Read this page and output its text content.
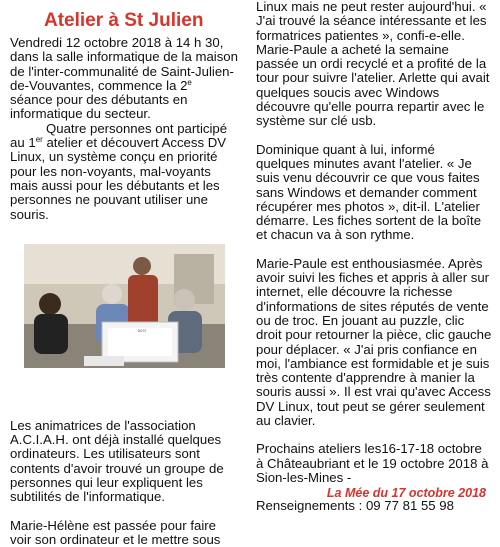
Atelier à St Julien

Vendredi 12 octobre 2018 à 14 h 30, dans la salle informatique de la maison de l'inter-communalité de Saint-Julien-de-Vouvantes, commence la 2e séance pour des débutants en informatique du secteur.

Quatre personnes ont participé au 1er atelier et découvert Access DV Linux, un système conçu en priorité pour les non-voyants, mal-voyants mais aussi pour les débutants et les personnes ne pouvant utiliser une souris.

Les animatrices de l'association A.C.I.A.H. ont déjà installé quelques ordinateurs. Les utilisateurs sont contents d'avoir trouvé un groupe de personnes qui leur expliquent les subtilités de l'informatique.

Marie-Hélène est passée pour faire voir son ordinateur et le mettre sous

acer

Linux mais ne peut rester aujourd'hui. « J'ai trouvé la séance intéressante et les formatrices patientes », confi-e-elle. Marie-Paule a acheté la semaine passée un ordi recyclé et a profité de la tour pour suivre l'atelier. Arlette qui avait quelques soucis avec Windows découvre qu'elle pourra repartir avec le système sur clé usb.

Dominique quant à lui, informé quelques minutes avant l'atelier. « Je suis venu découvrir ce que vous faites sans Windows et demander comment récupérer mes photos », dit-il. L'atelier démarre. Les fiches sortent de la boîte et chacun va à son rythme.

Marie-Paule est enthousiasmée. Après avoir suivi les fiches et appris à aller sur internet, elle découvre la richesse d'informations de sites réputés de vente ou de troc. En jouant au puzzle, clic droit pour retourner la pièce, clic gauche pour déplacer. « J'ai pris confiance en moi, l'ambiance est formidable et je suis très contente d'apprendre à manier la souris aussi ». Il est vrai qu'avec Access DV Linux, tout peut se gérer seulement au clavier.

Prochains ateliers les16-17-18 octobre à Châteaubriant et le 19 octobre 2018 à Sion-les-Mines -

Renseignements : 09 77 81 55 98

La Mée du 17 octobre 2018
